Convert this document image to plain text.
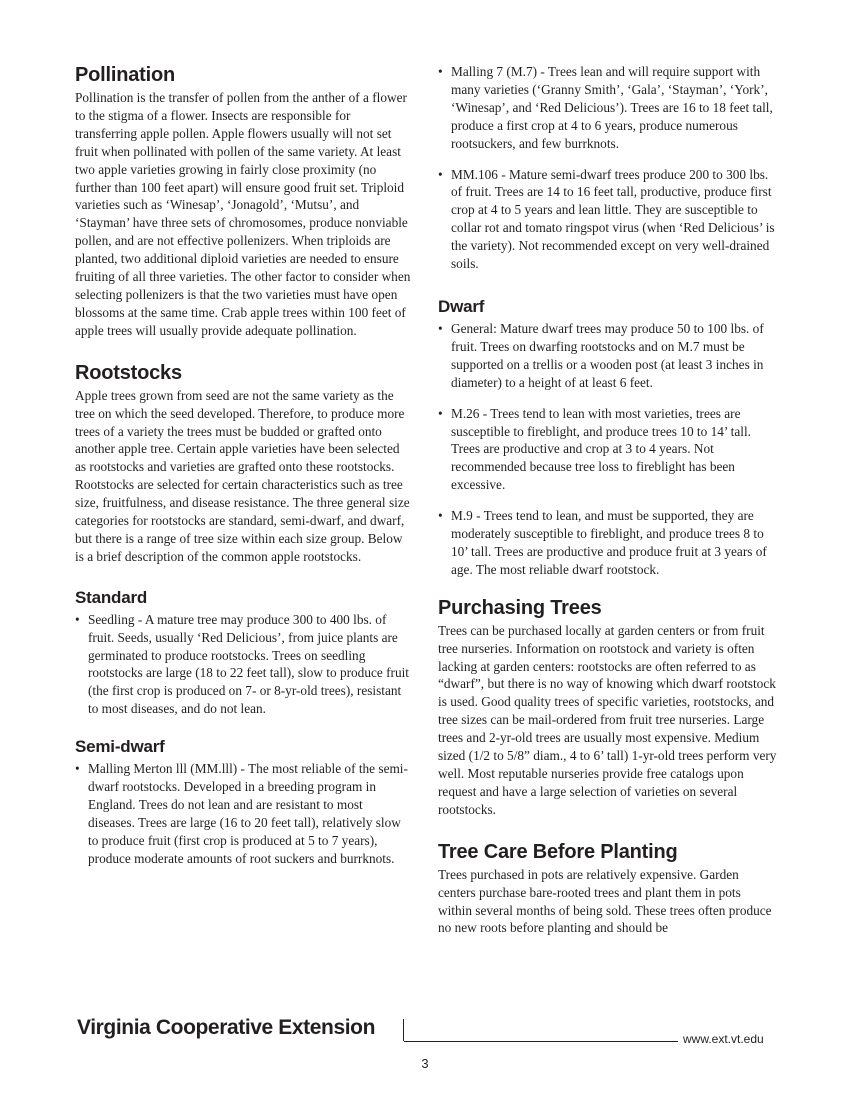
Pollination

Pollination is the transfer of pollen from the anther of a flower to the stigma of a flower. Insects are responsible for transferring apple pollen. Apple flowers usually will not set fruit when pollinated with pollen of the same variety. At least two apple varieties growing in fairly close proximity (no further than 100 feet apart) will ensure good fruit set. Triploid varieties such as ‘Winesap’, ‘Jonagold’, ‘Mutsu’, and ‘Stayman’ have three sets of chromosomes, produce nonviable pollen, and are not effective pollenizers. When triploids are planted, two additional diploid varieties are needed to ensure fruiting of all three varieties. The other factor to consider when selecting pollenizers is that the two varieties must have open blossoms at the same time. Crab apple trees within 100 feet of apple trees will usually provide adequate pollination.

Rootstocks

Apple trees grown from seed are not the same variety as the tree on which the seed developed. Therefore, to produce more trees of a variety the trees must be budded or grafted onto another apple tree. Certain apple varieties have been selected as rootstocks and varieties are grafted onto these rootstocks. Rootstocks are selected for certain characteristics such as tree size, fruitfulness, and disease resistance. The three general size categories for rootstocks are standard, semi-dwarf, and dwarf, but there is a range of tree size within each size group. Below is a brief description of the common apple rootstocks.

Standard
• Seedling - A mature tree may produce 300 to 400 lbs. of fruit. Seeds, usually ‘Red Delicious’, from juice plants are germinated to produce rootstocks. Trees on seedling rootstocks are large (18 to 22 feet tall), slow to produce fruit (the first crop is produced on 7- or 8-yr-old trees), resistant to most diseases, and do not lean.
Semi-dwarf
• Malling Merton lll (MM.lll) - The most reliable of the semi-dwarf rootstocks. Developed in a breeding program in England. Trees do not lean and are resistant to most diseases. Trees are large (16 to 20 feet tall), relatively slow to produce fruit (first crop is produced at 5 to 7 years), produce moderate amounts of root suckers and burrknots.
• Malling 7 (M.7) - Trees lean and will require support with many varieties (‘Granny Smith’, ‘Gala’, ‘Stayman’, ‘York’, ‘Winesap’, and ‘Red Delicious’). Trees are 16 to 18 feet tall, produce a first crop at 4 to 6 years, produce numerous rootsuckers, and few burrknots.
• MM.106 - Mature semi-dwarf trees produce 200 to 300 lbs. of fruit. Trees are 14 to 16 feet tall, productive, produce first crop at 4 to 5 years and lean little. They are susceptible to collar rot and tomato ringspot virus (when ‘Red Delicious’ is the variety). Not recommended except on very well-drained soils.
Dwarf
• General: Mature dwarf trees may produce 50 to 100 lbs. of fruit. Trees on dwarfing rootstocks and on M.7 must be supported on a trellis or a wooden post (at least 3 inches in diameter) to a height of at least 6 feet.
• M.26 - Trees tend to lean with most varieties, trees are susceptible to fireblight, and produce trees 10 to 14’ tall. Trees are productive and crop at 3 to 4 years. Not recommended because tree loss to fireblight has been excessive.
• M.9 - Trees tend to lean, and must be supported, they are moderately susceptible to fireblight, and produce trees 8 to 10’ tall. Trees are productive and produce fruit at 3 years of age. The most reliable dwarf rootstock.
Purchasing Trees

Trees can be purchased locally at garden centers or from fruit tree nurseries. Information on rootstock and variety is often lacking at garden centers: rootstocks are often referred to as “dwarf”, but there is no way of knowing which dwarf rootstock is used. Good quality trees of specific varieties, rootstocks, and tree sizes can be mail-ordered from fruit tree nurseries. Large trees and 2-yr-old trees are usually most expensive. Medium sized (1/2 to 5/8” diam., 4 to 6’ tall) 1-yr-old trees perform very well. Most reputable nurseries provide free catalogs upon request and have a large selection of varieties on several rootstocks.

Tree Care Before Planting

Trees purchased in pots are relatively expensive. Garden centers purchase bare-rooted trees and plant them in pots within several months of being sold. These trees often produce no new roots before planting and should be

Virginia Cooperative Extension	www.ext.vt.edu
3
